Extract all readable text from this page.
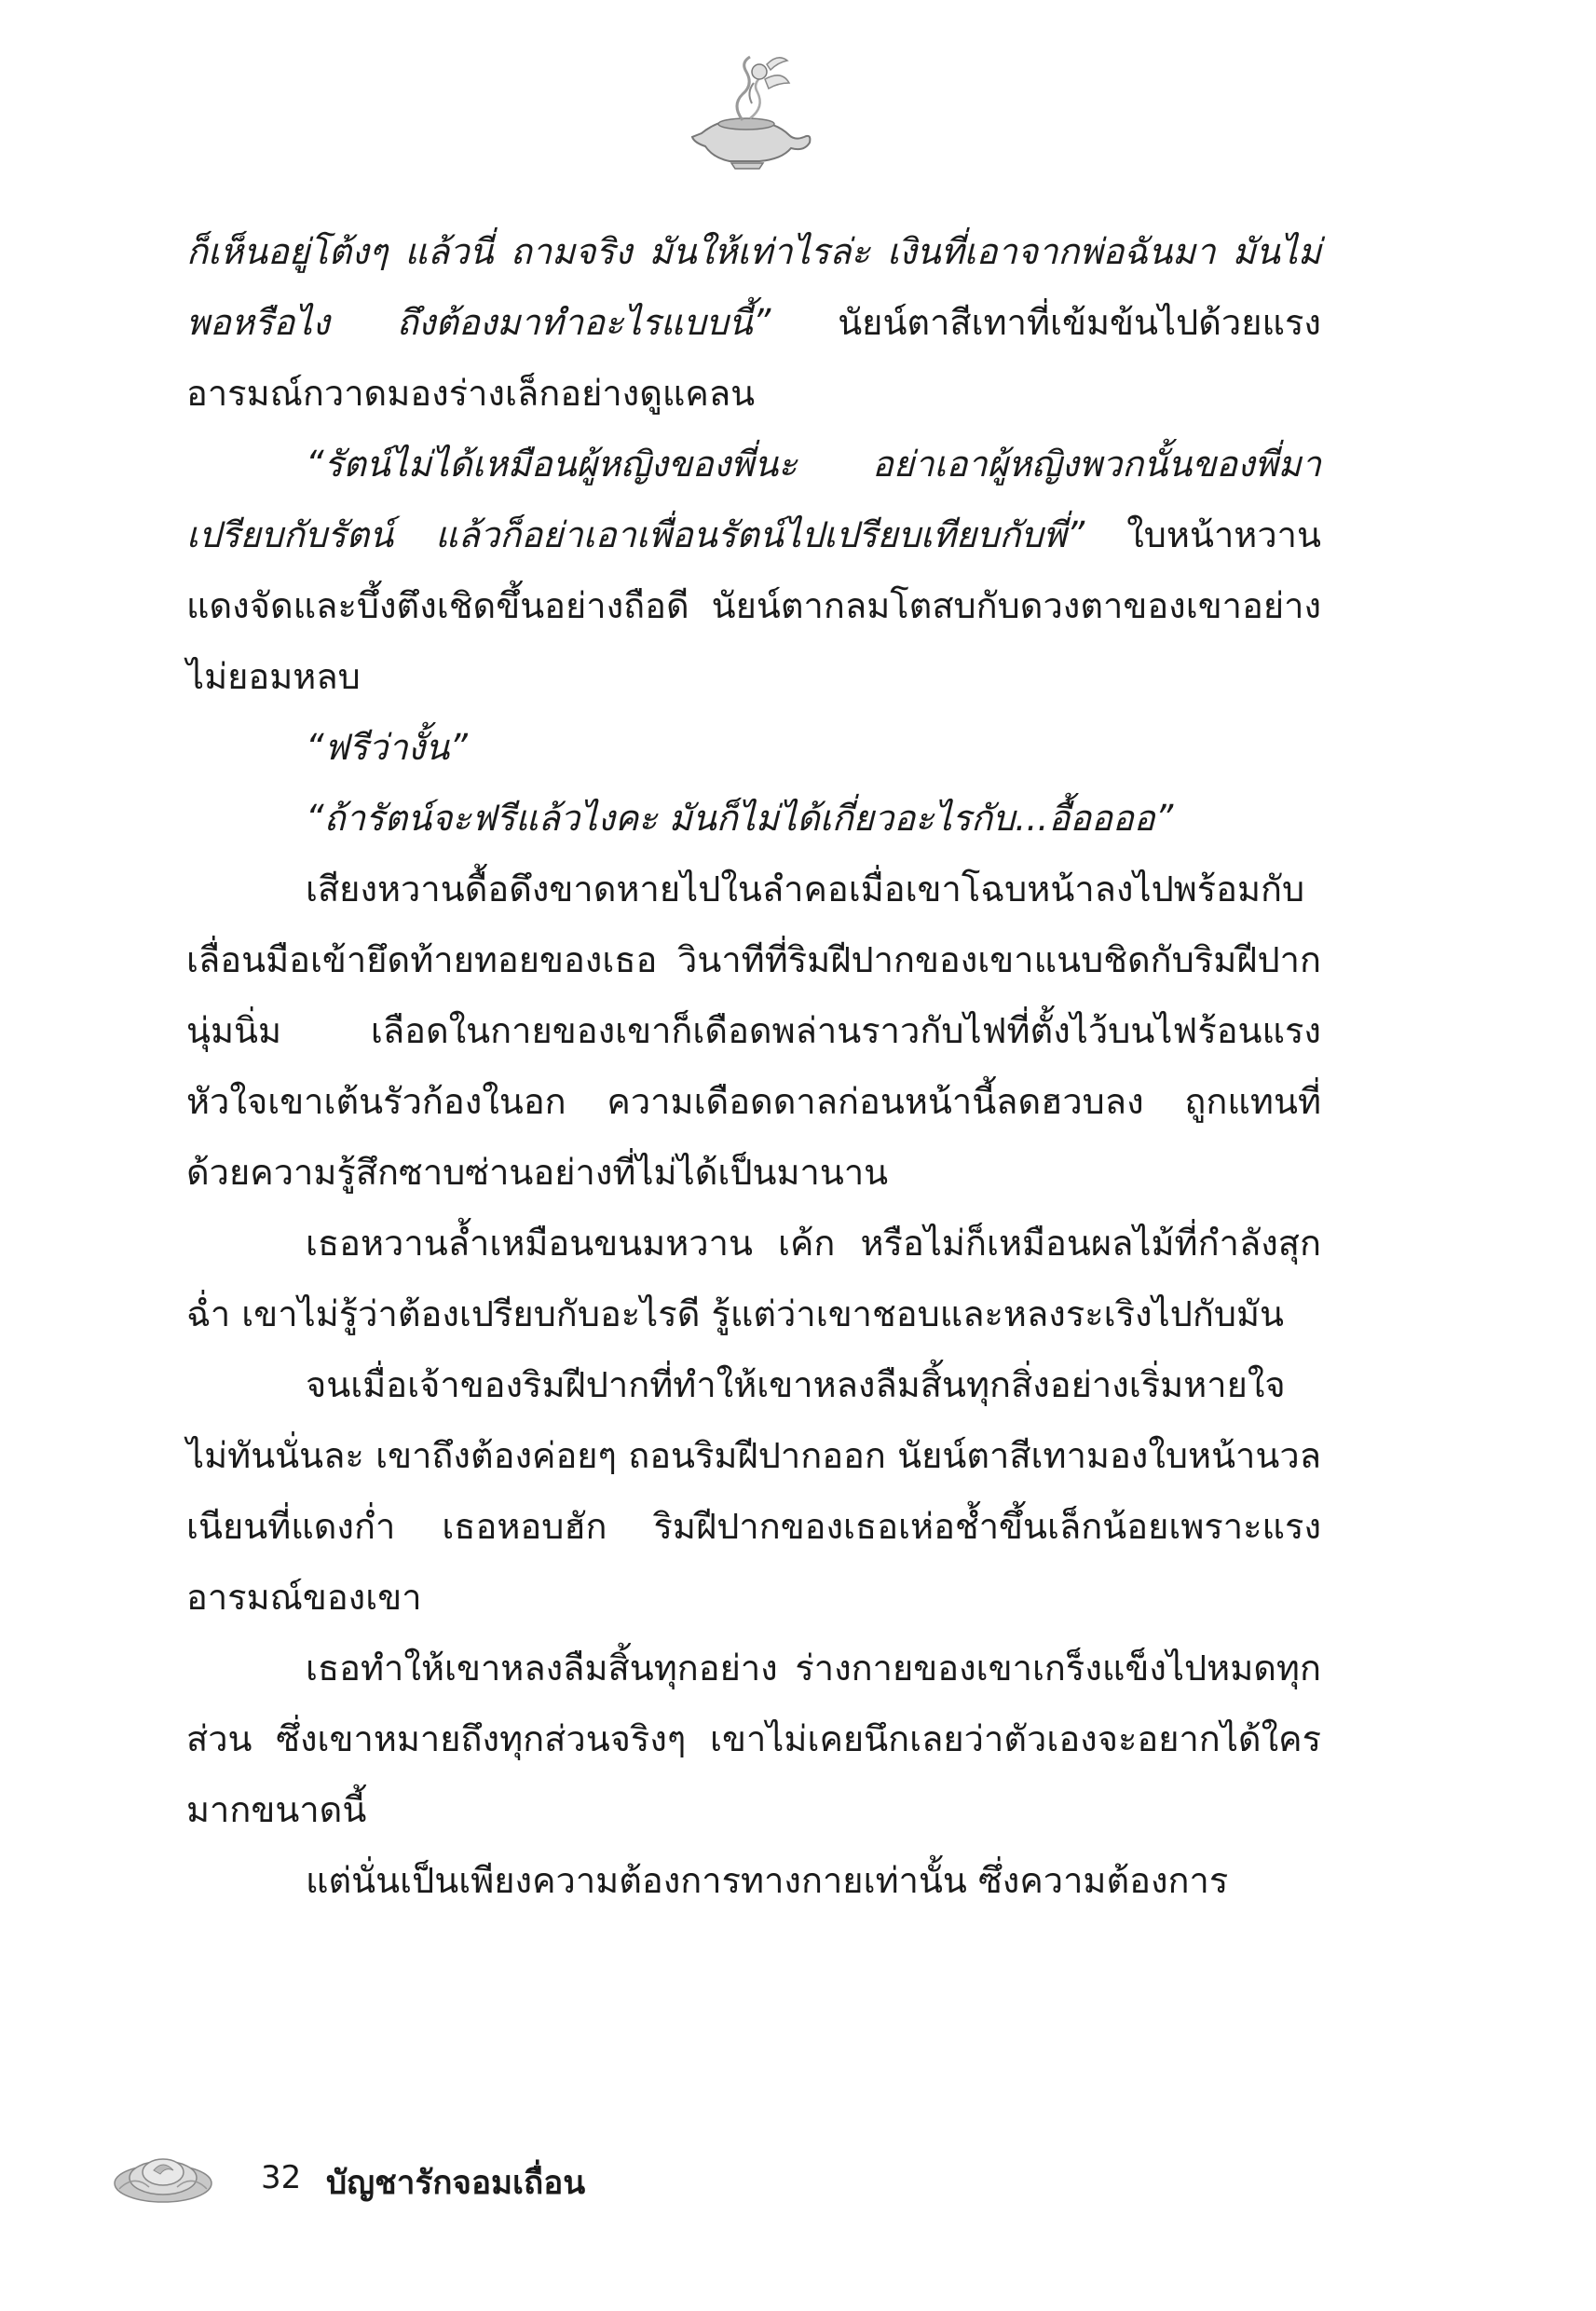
ก็เห็นอยู่โต้งๆ แล้วนี่ ถามจริง มันให้เท่าไรล่ะ เงินที่เอาจากพ่อฉันมา มันไม่พอหรือไง ถึงต้องมาทำอะไรแบบนี้” นัยน์ตาสีเทาที่เข้มข้นไปด้วยแรงอารมณ์กวาดมองร่างเล็กอย่างดูแคลน

“รัตน์ไม่ได้เหมือนผู้หญิงของพี่นะ อย่าเอาผู้หญิงพวกนั้นของพี่มาเปรียบกับรัตน์ แล้วก็อย่าเอาเพื่อนรัตน์ไปเปรียบเทียบกับพี่” ใบหน้าหวานแดงจัดและบึ้งตึงเชิดขึ้นอย่างถือดี นัยน์ตากลมโตสบกับดวงตาของเขาอย่างไม่ยอมหลบ

“ฟรีว่างั้น”

“ถ้ารัตน์จะฟรีแล้วไงคะ มันก็ไม่ได้เกี่ยวอะไรกับ...อื้ออออ”

เสียงหวานดื้อดึงขาดหายไปในลำคอเมื่อเขาโฉบหน้าลงไปพร้อมกับเลื่อนมือเข้ายึดท้ายทอยของเธอ วินาทีที่ริมฝีปากของเขาแนบชิดกับริมฝีปากนุ่มนิ่ม เลือดในกายของเขาก็เดือดพล่านราวกับไฟที่ตั้งไว้บนไฟร้อนแรง หัวใจเขาเต้นรัวก้องในอก ความเดือดดาลก่อนหน้านี้ลดฮวบลง ถูกแทนที่ด้วยความรู้สึกซาบซ่านอย่างที่ไม่ได้เป็นมานาน

เธอหวานล้ำเหมือนขนมหวาน เค้ก หรือไม่ก็เหมือนผลไม้ที่กำลังสุกฉ่ำ เขาไม่รู้ว่าต้องเปรียบกับอะไรดี รู้แต่ว่าเขาชอบและหลงระเริงไปกับมัน

จนเมื่อเจ้าของริมฝีปากที่ทำให้เขาหลงลืมสิ้นทุกสิ่งอย่างเริ่มหายใจไม่ทันนั่นละ เขาถึงต้องค่อยๆ ถอนริมฝีปากออก นัยน์ตาสีเทามองใบหน้านวลเนียนที่แดงก่ำ เธอหอบฮัก ริมฝีปากของเธอเห่อช้ำขึ้นเล็กน้อยเพราะแรงอารมณ์ของเขา

เธอทำให้เขาหลงลืมสิ้นทุกอย่าง ร่างกายของเขาเกร็งแข็งไปหมดทุกส่วน ซึ่งเขาหมายถึงทุกส่วนจริงๆ เขาไม่เคยนึกเลยว่าตัวเองจะอยากได้ใครมากขนาดนี้

แต่นั่นเป็นเพียงความต้องการทางกายเท่านั้น ซึ่งความต้องการ

32 บัญชารักจอมเถื่อน
